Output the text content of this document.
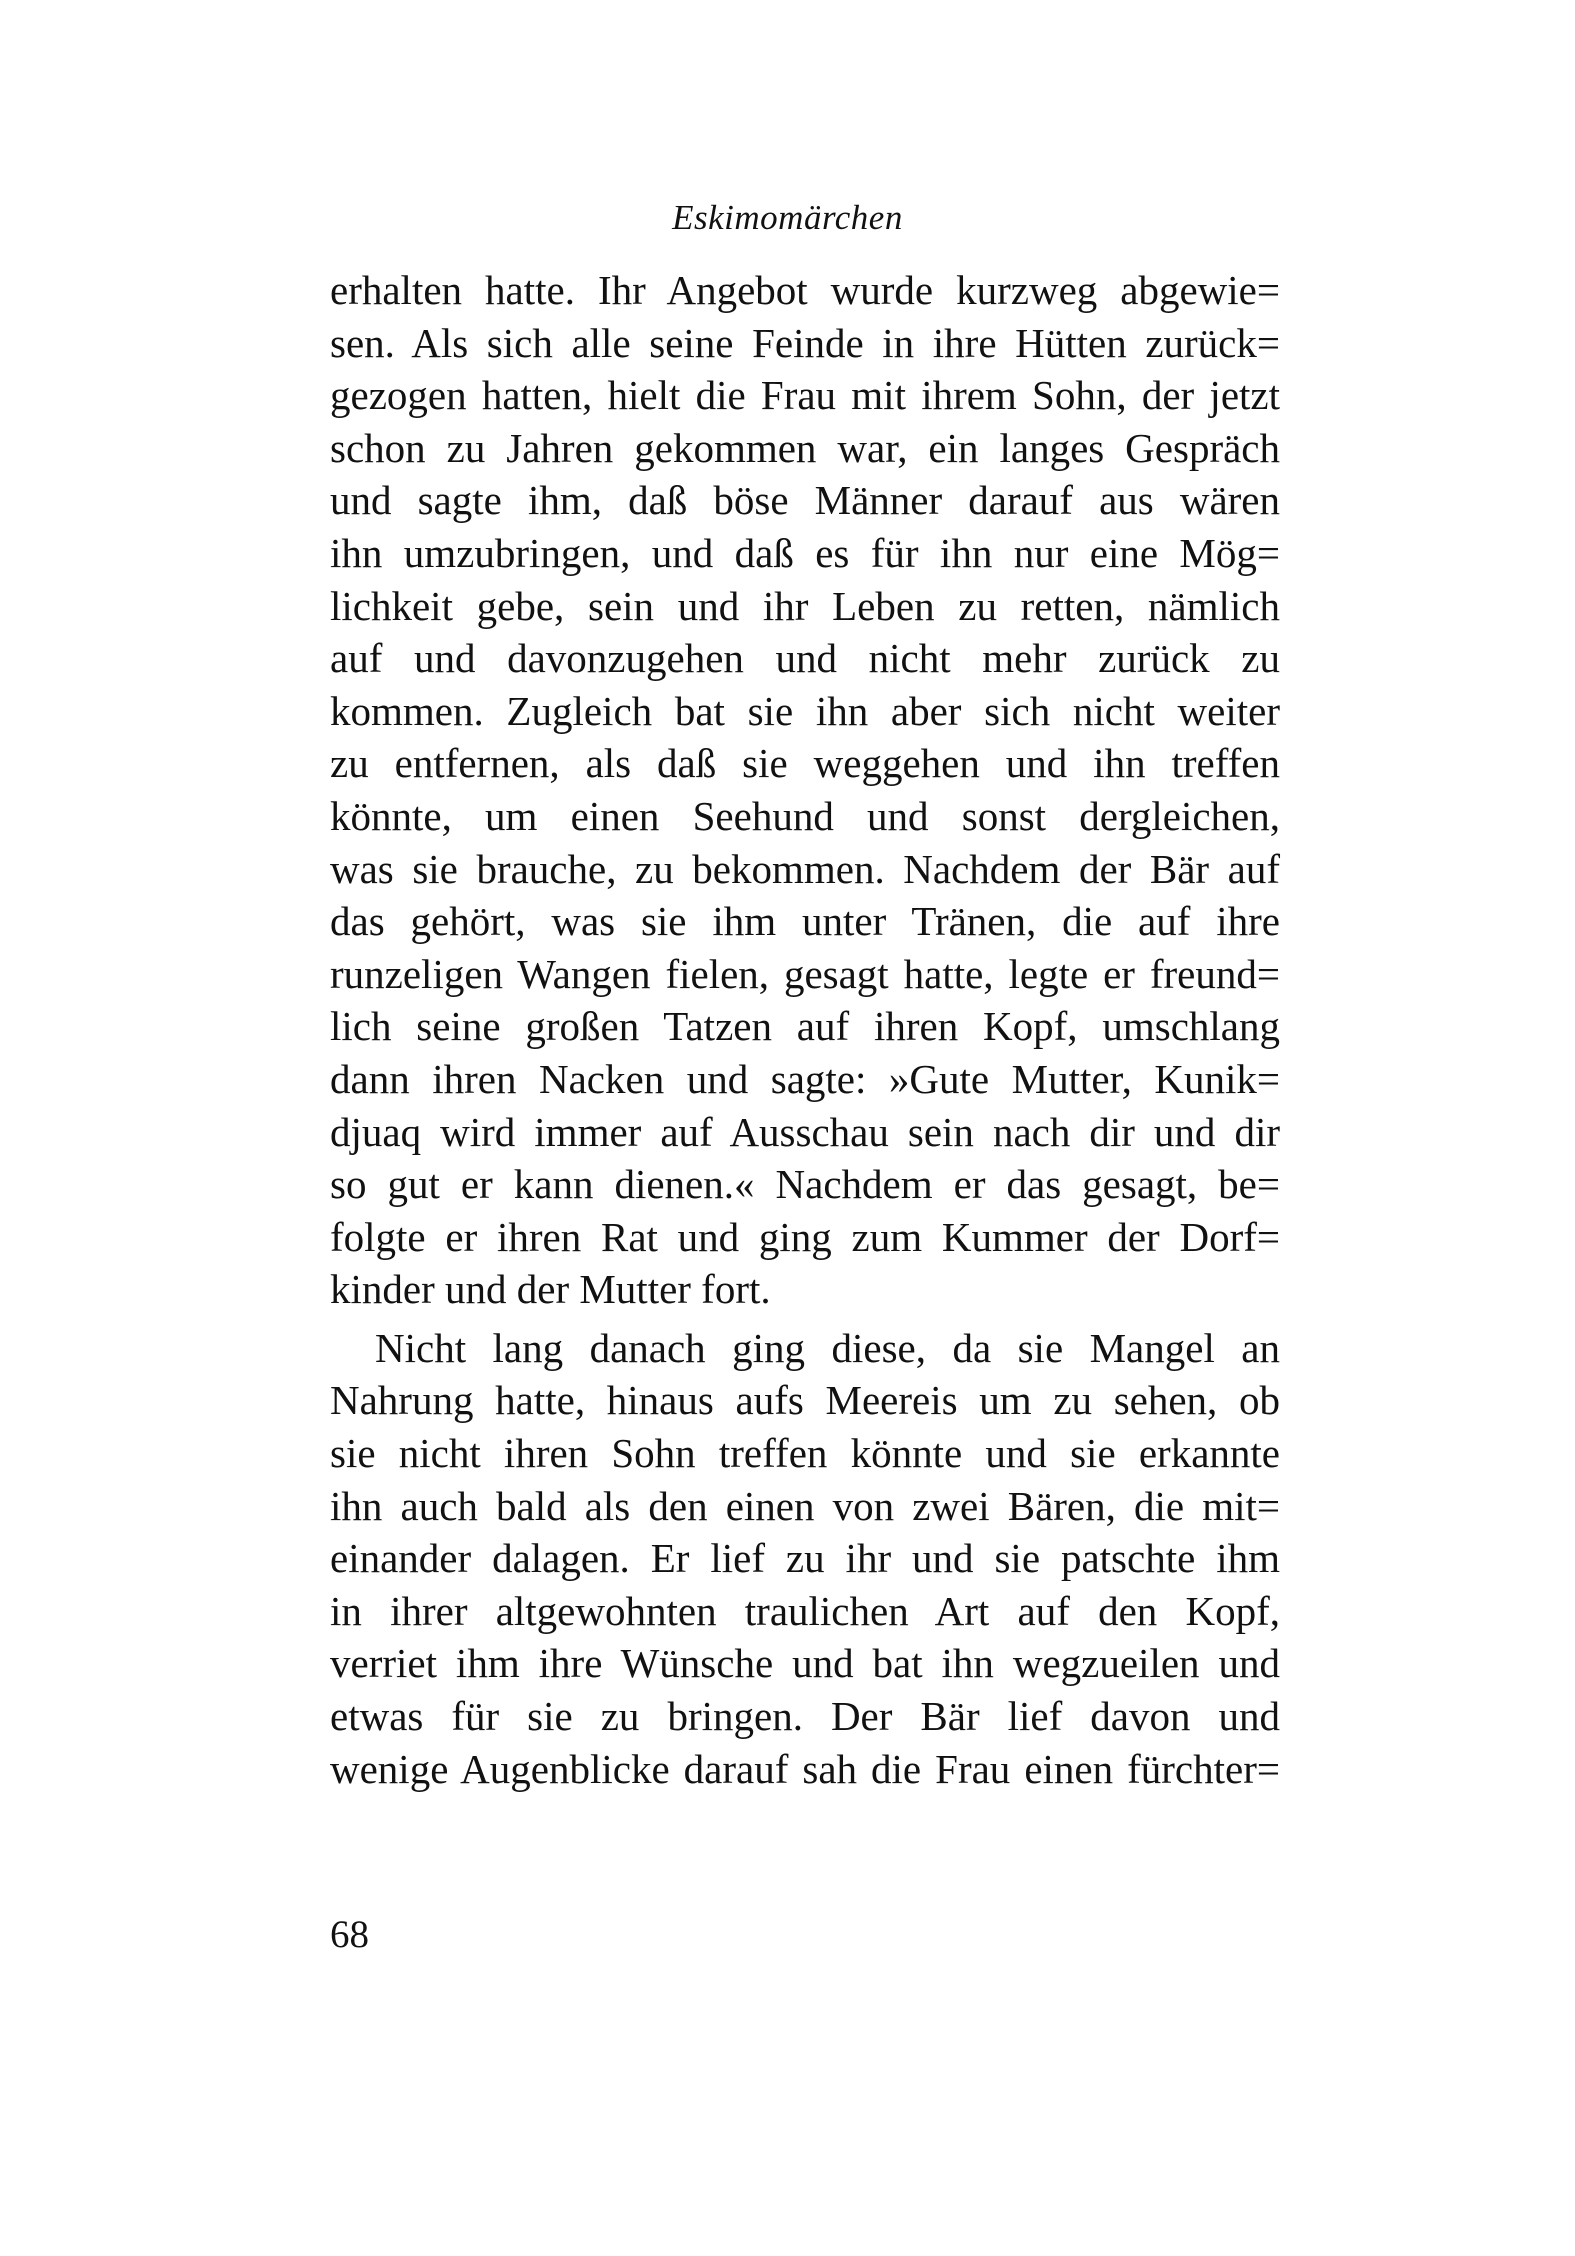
Eskimomärchen
erhalten hatte. Ihr Angebot wurde kurzweg abgewie=
sen. Als sich alle seine Feinde in ihre Hütten zurück=
gezogen hatten, hielt die Frau mit ihrem Sohn, der jetzt
schon zu Jahren gekommen war, ein langes Gespräch
und sagte ihm, daß böse Männer darauf aus wären
ihn umzubringen, und daß es für ihn nur eine Mög=
lichkeit gebe, sein und ihr Leben zu retten, nämlich
auf und davonzugehen und nicht mehr zurück zu
kommen. Zugleich bat sie ihn aber sich nicht weiter
zu entfernen, als daß sie weggehen und ihn treffen
könnte, um einen Seehund und sonst dergleichen,
was sie brauche, zu bekommen. Nachdem der Bär auf
das gehört, was sie ihm unter Tränen, die auf ihre
runzeligen Wangen fielen, gesagt hatte, legte er freund=
lich seine großen Tatzen auf ihren Kopf, umschlang
dann ihren Nacken und sagte: »Gute Mutter, Kunik=
djuaq wird immer auf Ausschau sein nach dir und dir
so gut er kann dienen.« Nachdem er das gesagt, be=
folgte er ihren Rat und ging zum Kummer der Dorf=
kinder und der Mutter fort.
Nicht lang danach ging diese, da sie Mangel an
Nahrung hatte, hinaus aufs Meereis um zu sehen, ob
sie nicht ihren Sohn treffen könnte und sie erkannte
ihn auch bald als den einen von zwei Bären, die mit=
einander dalagen. Er lief zu ihr und sie patschte ihm
in ihrer altgewohnten traulichen Art auf den Kopf,
verriet ihm ihre Wünsche und bat ihn wegzueilen und
etwas für sie zu bringen. Der Bär lief davon und
wenige Augenblicke darauf sah die Frau einen fürchter=
68
